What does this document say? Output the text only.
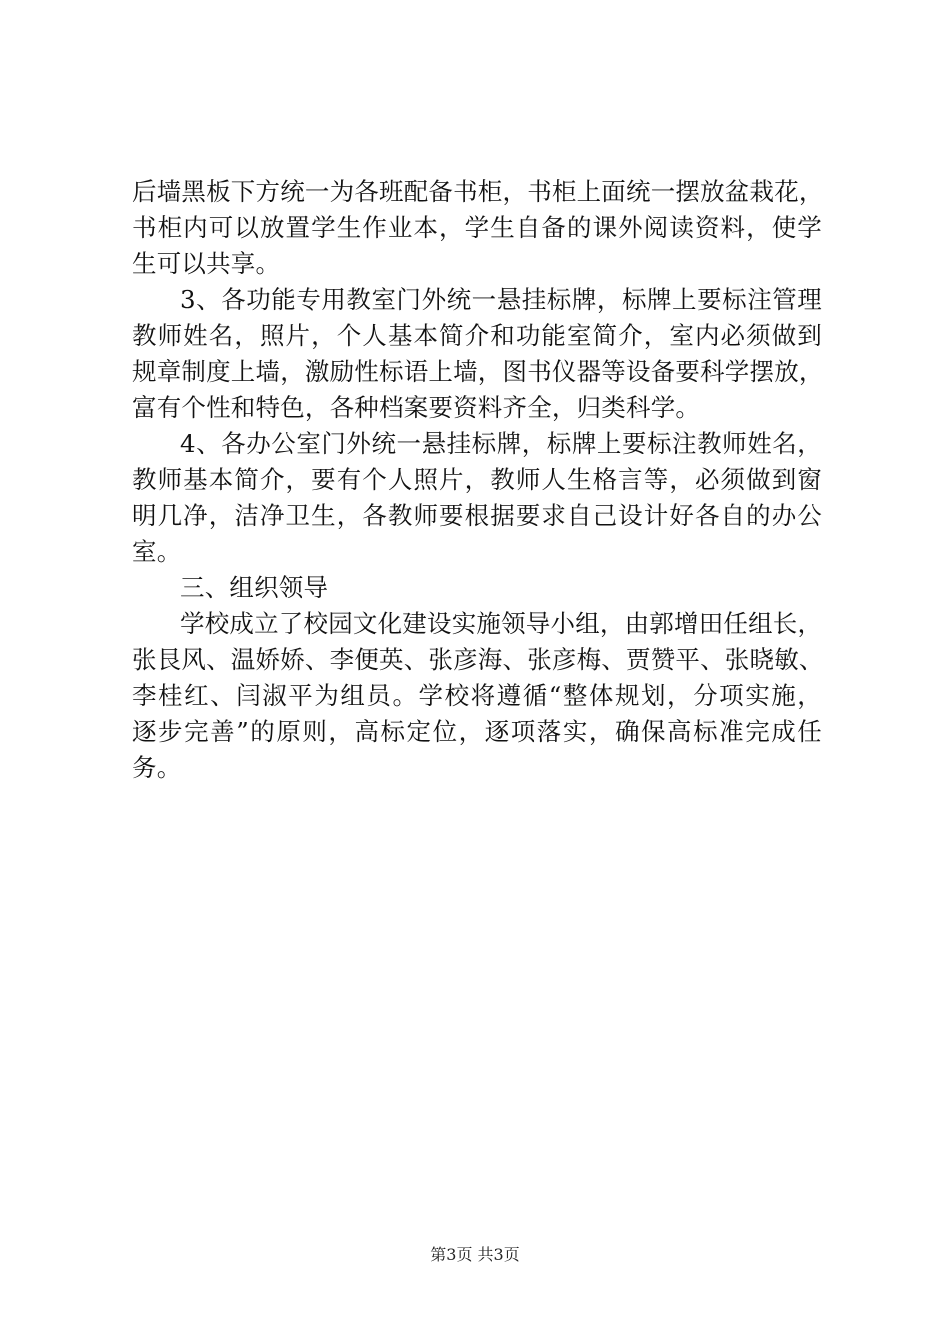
后墙黑板下方统一为各班配备书柜，书柜上面统一摆放盆栽花，
书柜内可以放置学生作业本，学生自备的课外阅读资料，使学
生可以共享。
3、各功能专用教室门外统一悬挂标牌，标牌上要标注管理
教师姓名，照片，个人基本简介和功能室简介，室内必须做到
规章制度上墙，激励性标语上墙，图书仪器等设备要科学摆放，
富有个性和特色，各种档案要资料齐全，归类科学。
4、各办公室门外统一悬挂标牌，标牌上要标注教师姓名，
教师基本简介，要有个人照片，教师人生格言等，必须做到窗
明几净，洁净卫生，各教师要根据要求自己设计好各自的办公
室。
三、组织领导
学校成立了校园文化建设实施领导小组，由郭增田任组长，
张艮风、温娇娇、李便英、张彦海、张彦梅、贾赞平、张晓敏、
李桂红、闫淑平为组员。学校将遵循“整体规划，分项实施，
逐步完善”的原则，高标定位，逐项落实，确保高标准完成任
务。
第3页 共3页
